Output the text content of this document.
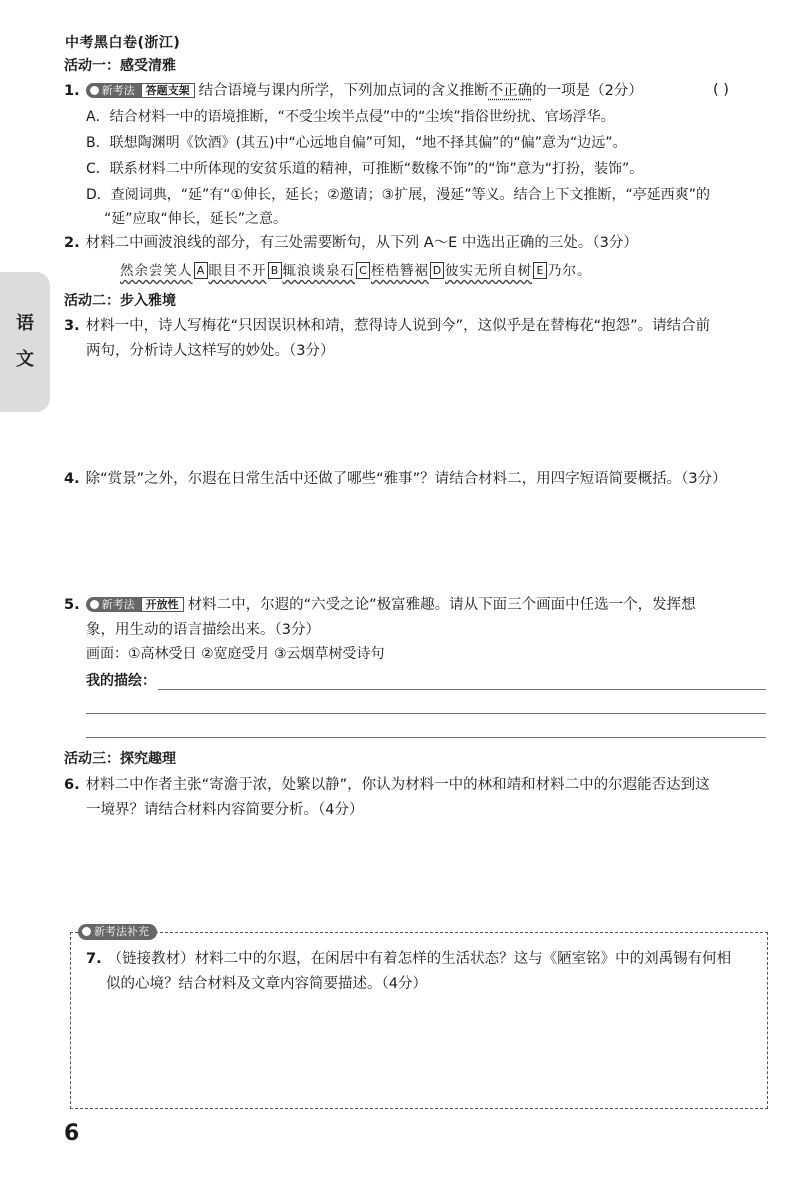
中考黑白卷(浙江)
语
文
活动一：感受清雅
1. 新考法 答题支架 结合语境与课内所学，下列加点词的含义推断不正确的一项是（2分）	( )
A．结合材料一中的语境推断，“不受尘埃半点侵”中的“尘埃”指俗世纷扰、官场浮华。
B．联想陶渊明《饮酒》(其五)中“心远地自偏”可知，“地不择其偏”的“偏”意为“边远”。
C．联系材料二中所体现的安贫乐道的精神，可推断“数椽不饰”的“饰”意为“打扮，装饰”。
D．查阅词典，“延”有“①伸长，延长；②邀请；③扩展，漫延”等义。结合上下文推断，“亭延西爽”的
“延”应取“伸长，延长”之意。
2. 材料二中画波浪线的部分，有三处需要断句，从下列 A～E 中选出正确的三处。（3分）
然余尝笑人 A 眼目不开 B 辄浪谈泉石 C 桎梏簪裾 D 彼实无所自树 E 乃尔。
活动二：步入雅境
3. 材料一中，诗人写梅花“只因误识林和靖，惹得诗人说到今”，这似乎是在替梅花“抱怨”。请结合前
两句，分析诗人这样写的妙处。（3分）
4. 除“赏景”之外，尔遐在日常生活中还做了哪些“雅事”？请结合材料二，用四字短语简要概括。（3分）
5. 新考法 开放性 材料二中，尔遐的“六受之论”极富雅趣。请从下面三个画面中任选一个，发挥想
象，用生动的语言描绘出来。（3分）
画面：①高林受日 ②宽庭受月 ③云烟草树受诗句
我的描绘：
活动三：探究趣理
6. 材料二中作者主张“寄澹于浓，处繁以静”，你认为材料一中的林和靖和材料二中的尔遐能否达到这
一境界？请结合材料内容简要分析。（4分）
新考法补充
7. （链接教材）材料二中的尔遐，在闲居中有着怎样的生活状态？这与《陋室铭》中的刘禹锡有何相
似的心境？结合材料及文章内容简要描述。（4分）
6
